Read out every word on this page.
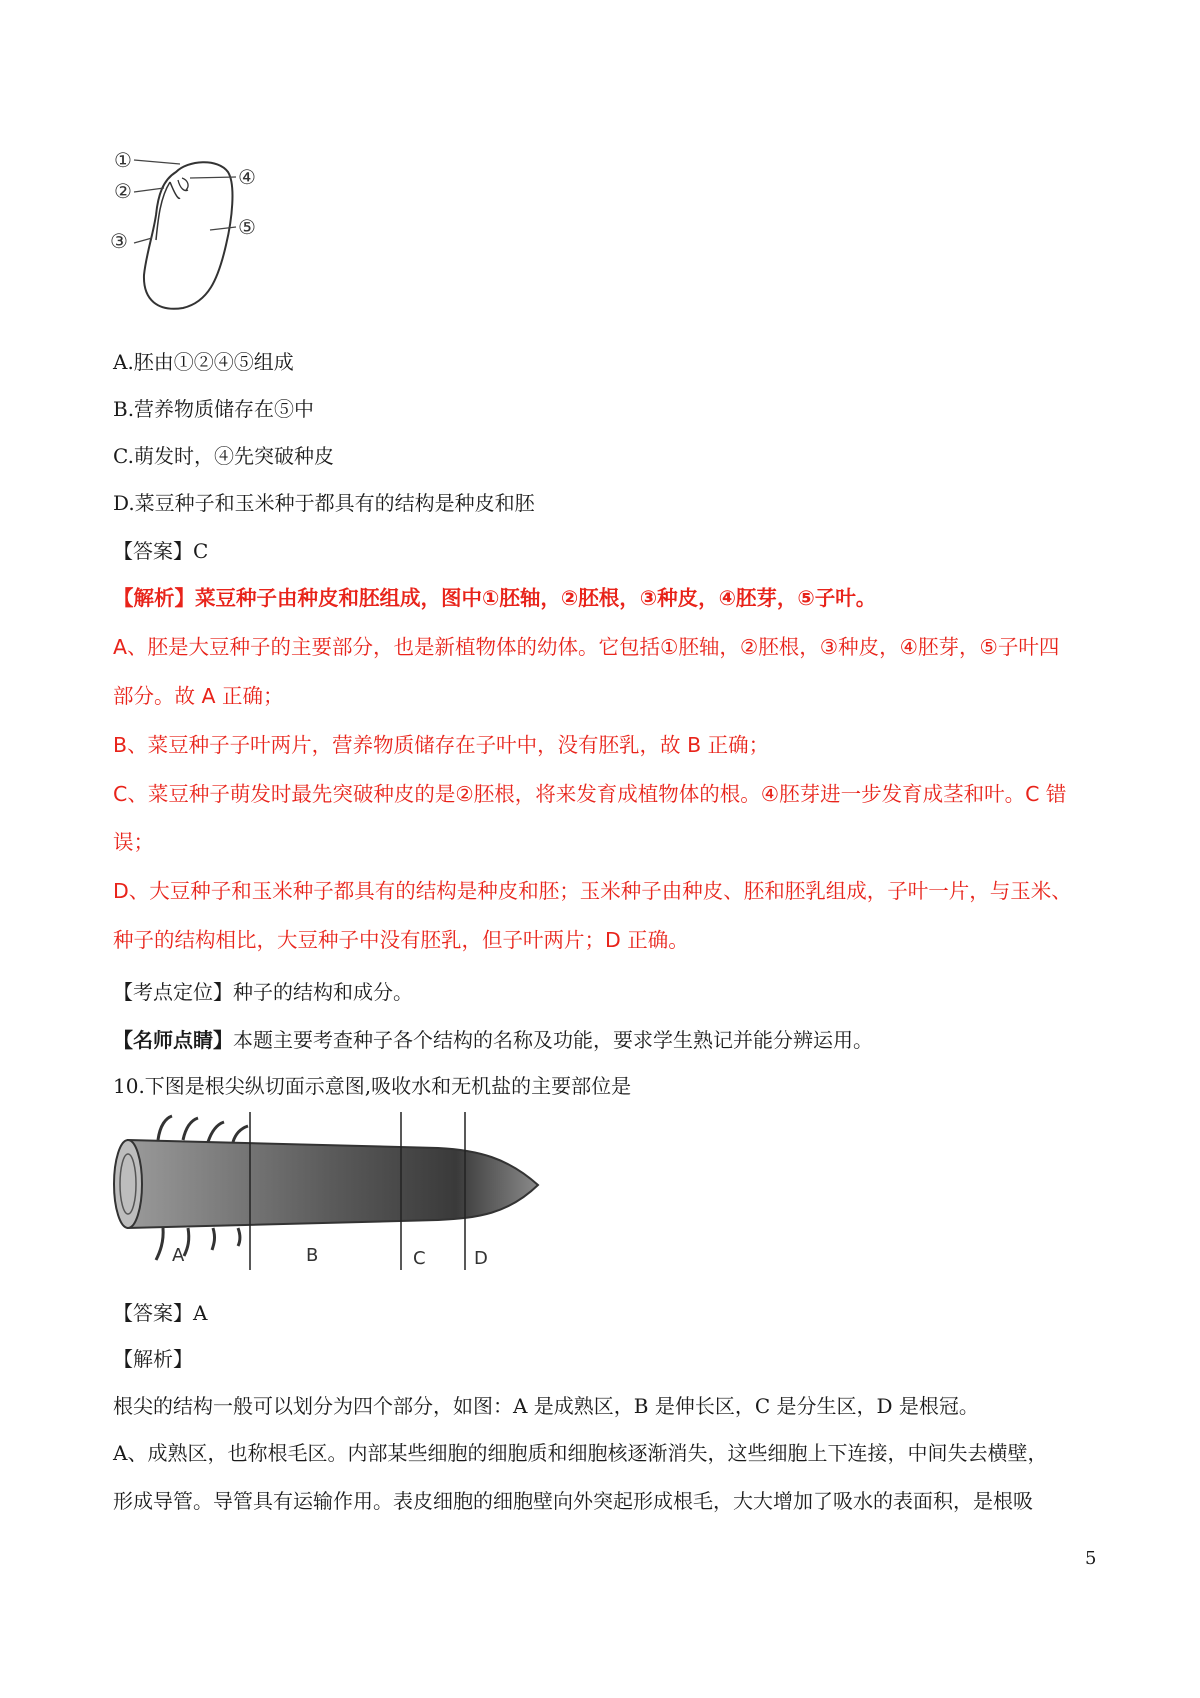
①
②
③
④
⑤
A.胚由①②④⑤组成
B.营养物质储存在⑤中
C.萌发时，④先突破种皮
D.菜豆种子和玉米种于都具有的结构是种皮和胚
【答案】C
【解析】菜豆种子由种皮和胚组成，图中①胚轴，②胚根，③种皮，④胚芽，⑤子叶。
A、胚是大豆种子的主要部分，也是新植物体的幼体。它包括①胚轴，②胚根，③种皮，④胚芽，⑤子叶四
部分。故 A 正确；
B、菜豆种子子叶两片，营养物质储存在子叶中，没有胚乳，故 B 正确；
C、菜豆种子萌发时最先突破种皮的是②胚根，将来发育成植物体的根。④胚芽进一步发育成茎和叶。C 错
误；
D、大豆种子和玉米种子都具有的结构是种皮和胚；玉米种子由种皮、胚和胚乳组成，子叶一片，与玉米、
种子的结构相比，大豆种子中没有胚乳，但子叶两片；D 正确。
【考点定位】种子的结构和成分。
【名师点睛】本题主要考查种子各个结构的名称及功能，要求学生熟记并能分辨运用。
10.下图是根尖纵切面示意图,吸收水和无机盐的主要部位是
A	B	C	D
【答案】A
【解析】
根尖的结构一般可以划分为四个部分，如图：A 是成熟区，B 是伸长区，C 是分生区，D 是根冠。
A、成熟区，也称根毛区。内部某些细胞的细胞质和细胞核逐渐消失，这些细胞上下连接，中间失去横壁，
形成导管。导管具有运输作用。表皮细胞的细胞壁向外突起形成根毛，大大增加了吸水的表面积，是根吸
5
